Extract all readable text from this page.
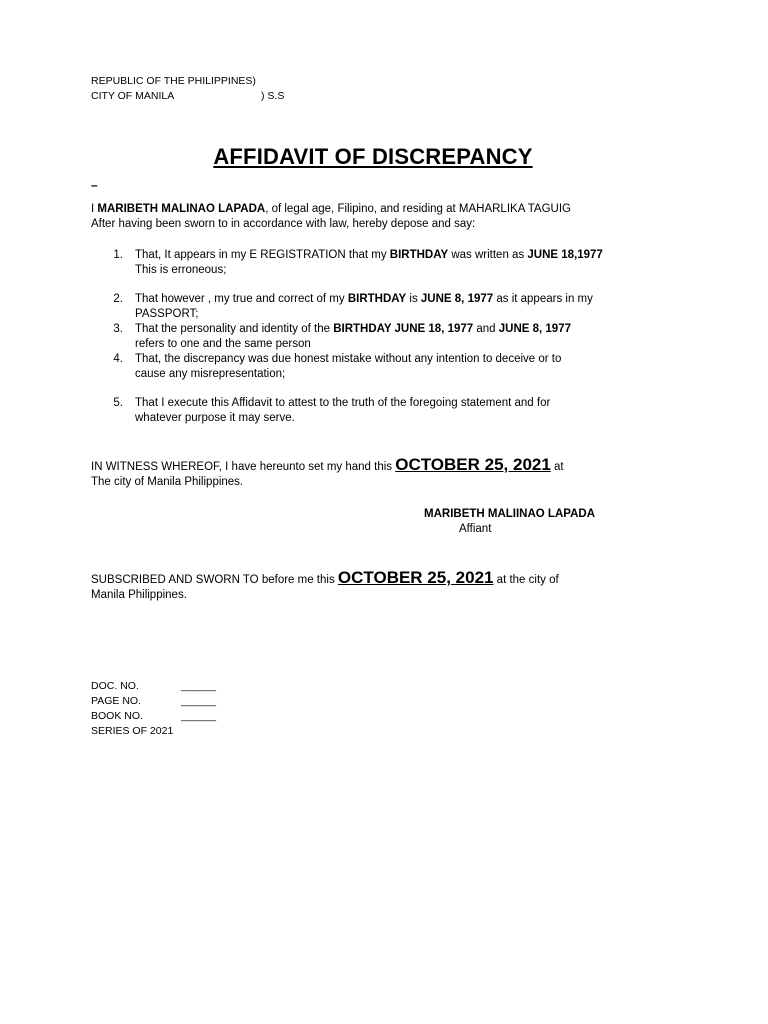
REPUBLIC OF THE PHILIPPINES)
CITY OF MANILA	) S.S
AFFIDAVIT OF DISCREPANCY
–
I MARIBETH MALINAO LAPADA, of legal age, Filipino, and residing at MAHARLIKA TAGUIG
After having been sworn to in accordance with law, hereby depose and say:
1. That, It appears in my E REGISTRATION that my BIRTHDAY was written as JUNE 18,1977
This is erroneous;
2. That however , my true and correct of my BIRTHDAY is JUNE 8, 1977 as it appears in my
PASSPORT;
3. That the personality and identity of the BIRTHDAY JUNE 18, 1977 and JUNE 8, 1977
refers to one and the same person
4. That, the discrepancy was due honest mistake without any intention to deceive or to
cause any misrepresentation;
5. That I execute this Affidavit to attest to the truth of the foregoing statement and for
whatever purpose it may serve.
IN WITNESS WHEREOF, I have hereunto set my hand this OCTOBER 25, 2021 at
The city of Manila Philippines.
MARIBETH MALIINAO LAPADA
Affiant
SUBSCRIBED AND SWORN TO before me this OCTOBER 25, 2021 at the city of
Manila Philippines.
DOC. NO.	______
PAGE NO.	______
BOOK NO.	______
SERIES OF 2021
